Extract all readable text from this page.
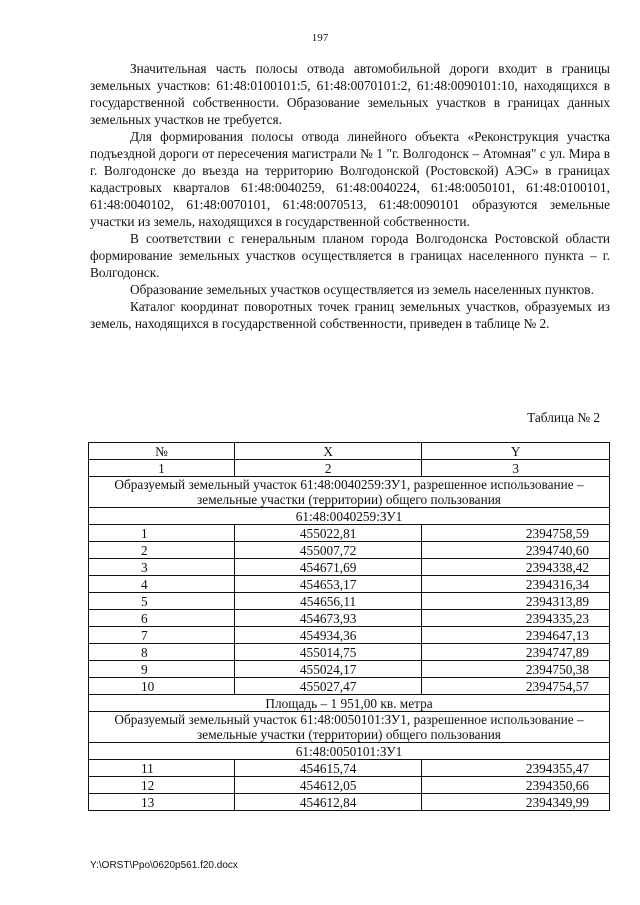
197

Значительная часть полосы отвода автомобильной дороги входит в границы земельных участков: 61:48:0100101:5, 61:48:0070101:2, 61:48:0090101:10, находящихся в государственной собственности. Образование земельных участков в границах данных земельных участков не требуется.

Для формирования полосы отвода линейного объекта «Реконструкция участка подъездной дороги от пересечения магистрали № 1 "г. Волгодонск – Атомная" с ул. Мира в г. Волгодонске до въезда на территорию Волгодонской (Ростовской) АЭС» в границах кадастровых кварталов 61:48:0040259, 61:48:0040224, 61:48:0050101, 61:48:0100101, 61:48:0040102, 61:48:0070101, 61:48:0070513, 61:48:0090101 образуются земельные участки из земель, находящихся в государственной собственности.

В соответствии с генеральным планом города Волгодонска Ростовской области формирование земельных участков осуществляется в границах населенного пункта – г. Волгодонск.

Образование земельных участков осуществляется из земель населенных пунктов.

Каталог координат поворотных точек границ земельных участков, образуемых из земель, находящихся в государственной собственности, приведен в таблице № 2.

Таблица № 2
№	X	Y
1	2	3
Образуемый земельный участок 61:48:0040259:ЗУ1, разрешенное использование – земельные участки (территории) общего пользования		
61:48:0040259:ЗУ1		
1	455022,81	2394758,59
2	455007,72	2394740,60
3	454671,69	2394338,42
4	454653,17	2394316,34
5	454656,11	2394313,89
6	454673,93	2394335,23
7	454934,36	2394647,13
8	455014,75	2394747,89
9	455024,17	2394750,38
10	455027,47	2394754,57
Площадь – 1 951,00 кв. метра		
Образуемый земельный участок 61:48:0050101:ЗУ1, разрешенное использование – земельные участки (территории) общего пользования		
61:48:0050101:ЗУ1		
11	454615,74	2394355,47
12	454612,05	2394350,66
13	454612,84	2394349,99
Y:\ORST\Ppo\0620p561.f20.docx
